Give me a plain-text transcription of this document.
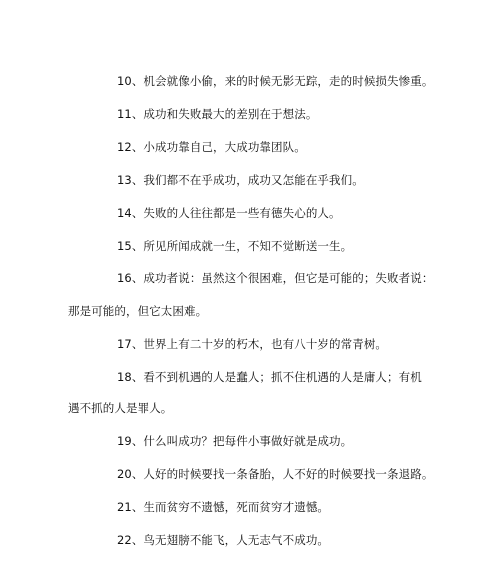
10、机会就像小偷，来的时候无影无踪，走的时候损失惨重。
11、成功和失败最大的差别在于想法。
12、小成功靠自己，大成功靠团队。
13、我们都不在乎成功，成功又怎能在乎我们。
14、失败的人往往都是一些有德失心的人。
15、所见所闻成就一生，不知不觉断送一生。
16、成功者说：虽然这个很困难，但它是可能的；失败者说：
那是可能的，但它太困难。
17、世界上有二十岁的朽木，也有八十岁的常青树。
18、看不到机遇的人是蠢人；抓不住机遇的人是庸人；有机
遇不抓的人是罪人。
19、什么叫成功？把每件小事做好就是成功。
20、人好的时候要找一条备胎，人不好的时候要找一条退路。
21、生而贫穷不遗憾，死而贫穷才遗憾。
22、鸟无翅膀不能飞，人无志气不成功。
